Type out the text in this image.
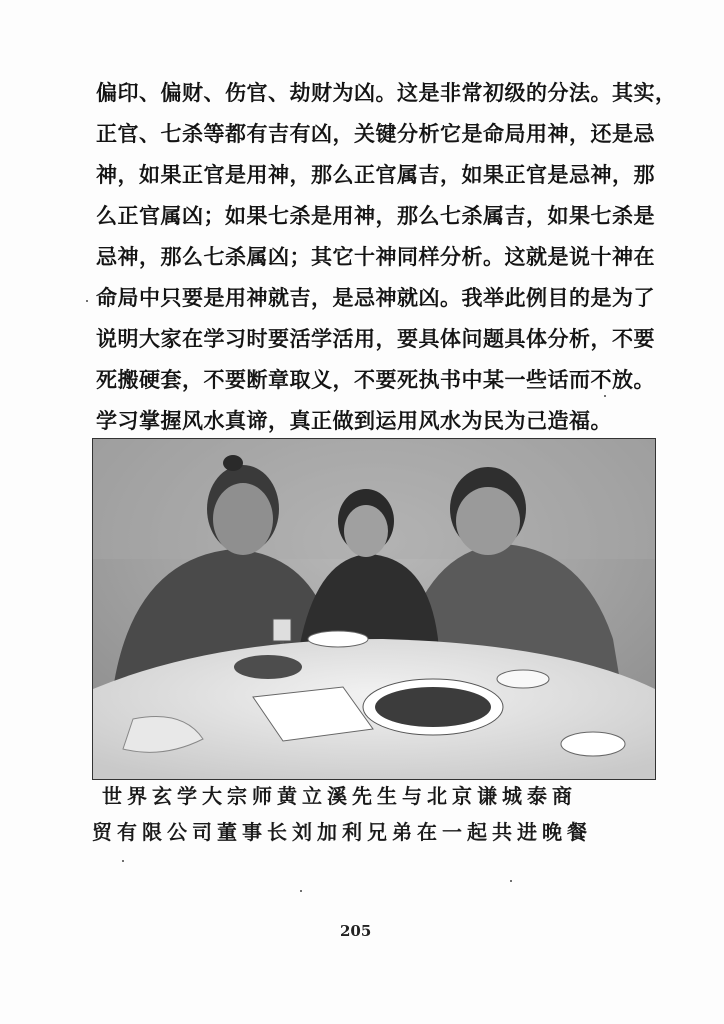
偏印、偏财、伤官、劫财为凶。这是非常初级的分法。其实，
正官、七杀等都有吉有凶，关键分析它是命局用神，还是忌
神，如果正官是用神，那么正官属吉，如果正官是忌神，那
么正官属凶；如果七杀是用神，那么七杀属吉，如果七杀是
忌神，那么七杀属凶；其它十神同样分析。这就是说十神在
命局中只要是用神就吉，是忌神就凶。我举此例目的是为了
说明大家在学习时要活学活用，要具体问题具体分析，不要
死搬硬套，不要断章取义，不要死执书中某一些话而不放。
学习掌握风水真谛，真正做到运用风水为民为己造福。
世界玄学大宗师黄立溪先生与北京谦城泰商
贸有限公司董事长刘加利兄弟在一起共进晚餐
205
